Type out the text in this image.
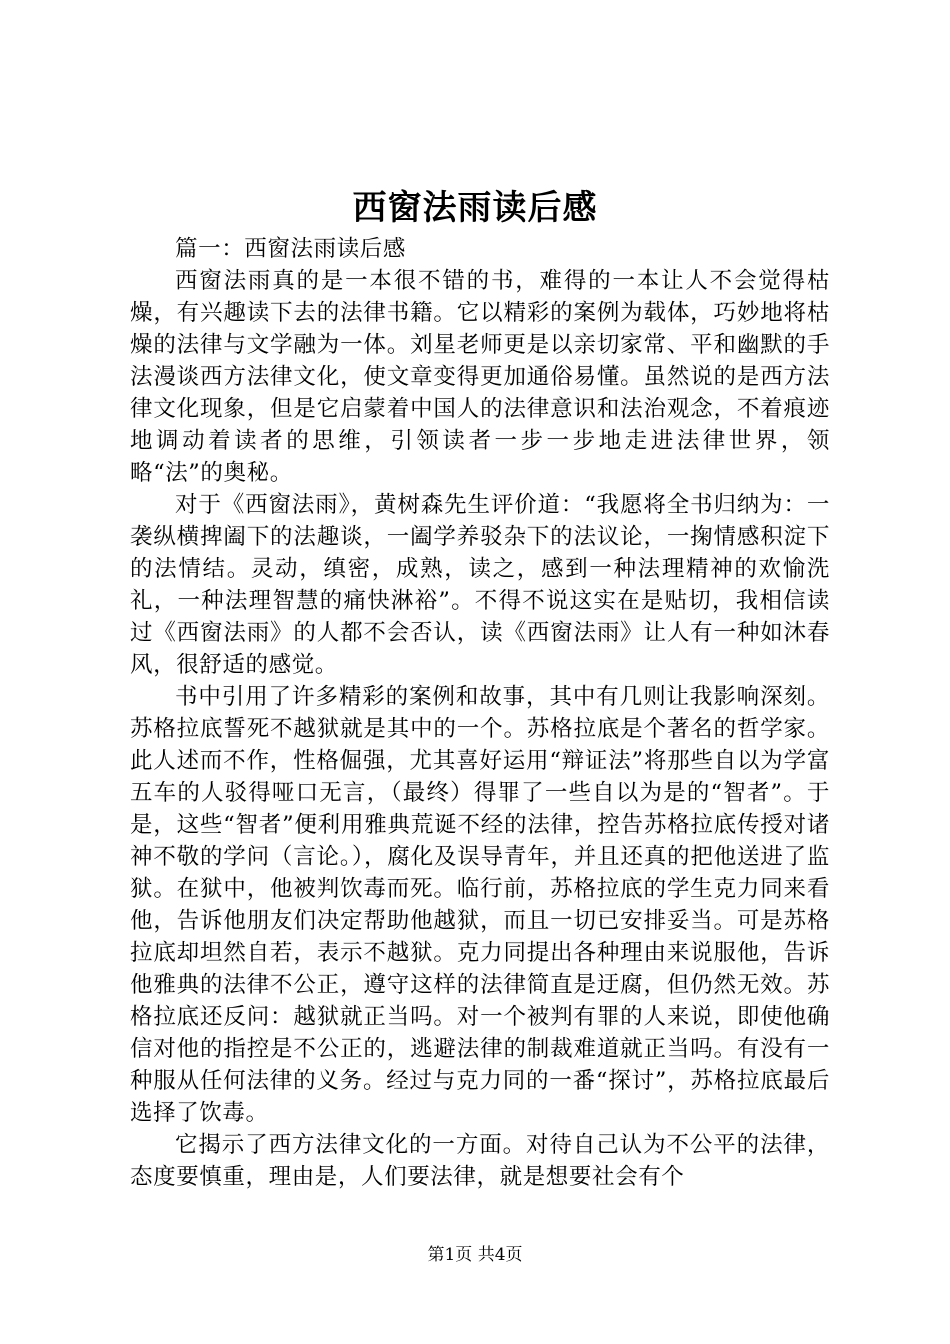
西窗法雨读后感

篇一：西窗法雨读后感

西窗法雨真的是一本很不错的书，难得的一本让人不会觉得枯燥，有兴趣读下去的法律书籍。它以精彩的案例为载体，巧妙地将枯燥的法律与文学融为一体。刘星老师更是以亲切家常、平和幽默的手法漫谈西方法律文化，使文章变得更加通俗易懂。虽然说的是西方法律文化现象，但是它启蒙着中国人的法律意识和法治观念，不着痕迹地调动着读者的思维，引领读者一步一步地走进法律世界，领略“法”的奥秘。

对于《西窗法雨》，黄树森先生评价道：“我愿将全书归纳为：一袭纵横捭阖下的法趣谈，一阖学养驳杂下的法议论，一掬情感积淀下的法情结。灵动，缜密，成熟，读之，感到一种法理精神的欢愉洗礼，一种法理智慧的痛快淋裕”。不得不说这实在是贴切，我相信读过《西窗法雨》的人都不会否认，读《西窗法雨》让人有一种如沐春风，很舒适的感觉。

书中引用了许多精彩的案例和故事，其中有几则让我影响深刻。苏格拉底誓死不越狱就是其中的一个。苏格拉底是个著名的哲学家。此人述而不作，性格倔强，尤其喜好运用“辩证法”将那些自以为学富五车的人驳得哑口无言，（最终）得罪了一些自以为是的“智者”。于是，这些“智者”便利用雅典荒诞不经的法律，控告苏格拉底传授对诸神不敬的学问（言论。），腐化及误导青年，并且还真的把他送进了监狱。在狱中，他被判饮毒而死。临行前，苏格拉底的学生克力同来看他，告诉他朋友们决定帮助他越狱，而且一切已安排妥当。可是苏格拉底却坦然自若，表示不越狱。克力同提出各种理由来说服他，告诉他雅典的法律不公正，遵守这样的法律简直是迂腐，但仍然无效。苏格拉底还反问：越狱就正当吗。对一个被判有罪的人来说，即使他确信对他的指控是不公正的，逃避法律的制裁难道就正当吗。有没有一种服从任何法律的义务。经过与克力同的一番“探讨”，苏格拉底最后选择了饮毒。

它揭示了西方法律文化的一方面。对待自己认为不公平的法律，态度要慎重，理由是，人们要法律，就是想要社会有个

第1页 共4页
